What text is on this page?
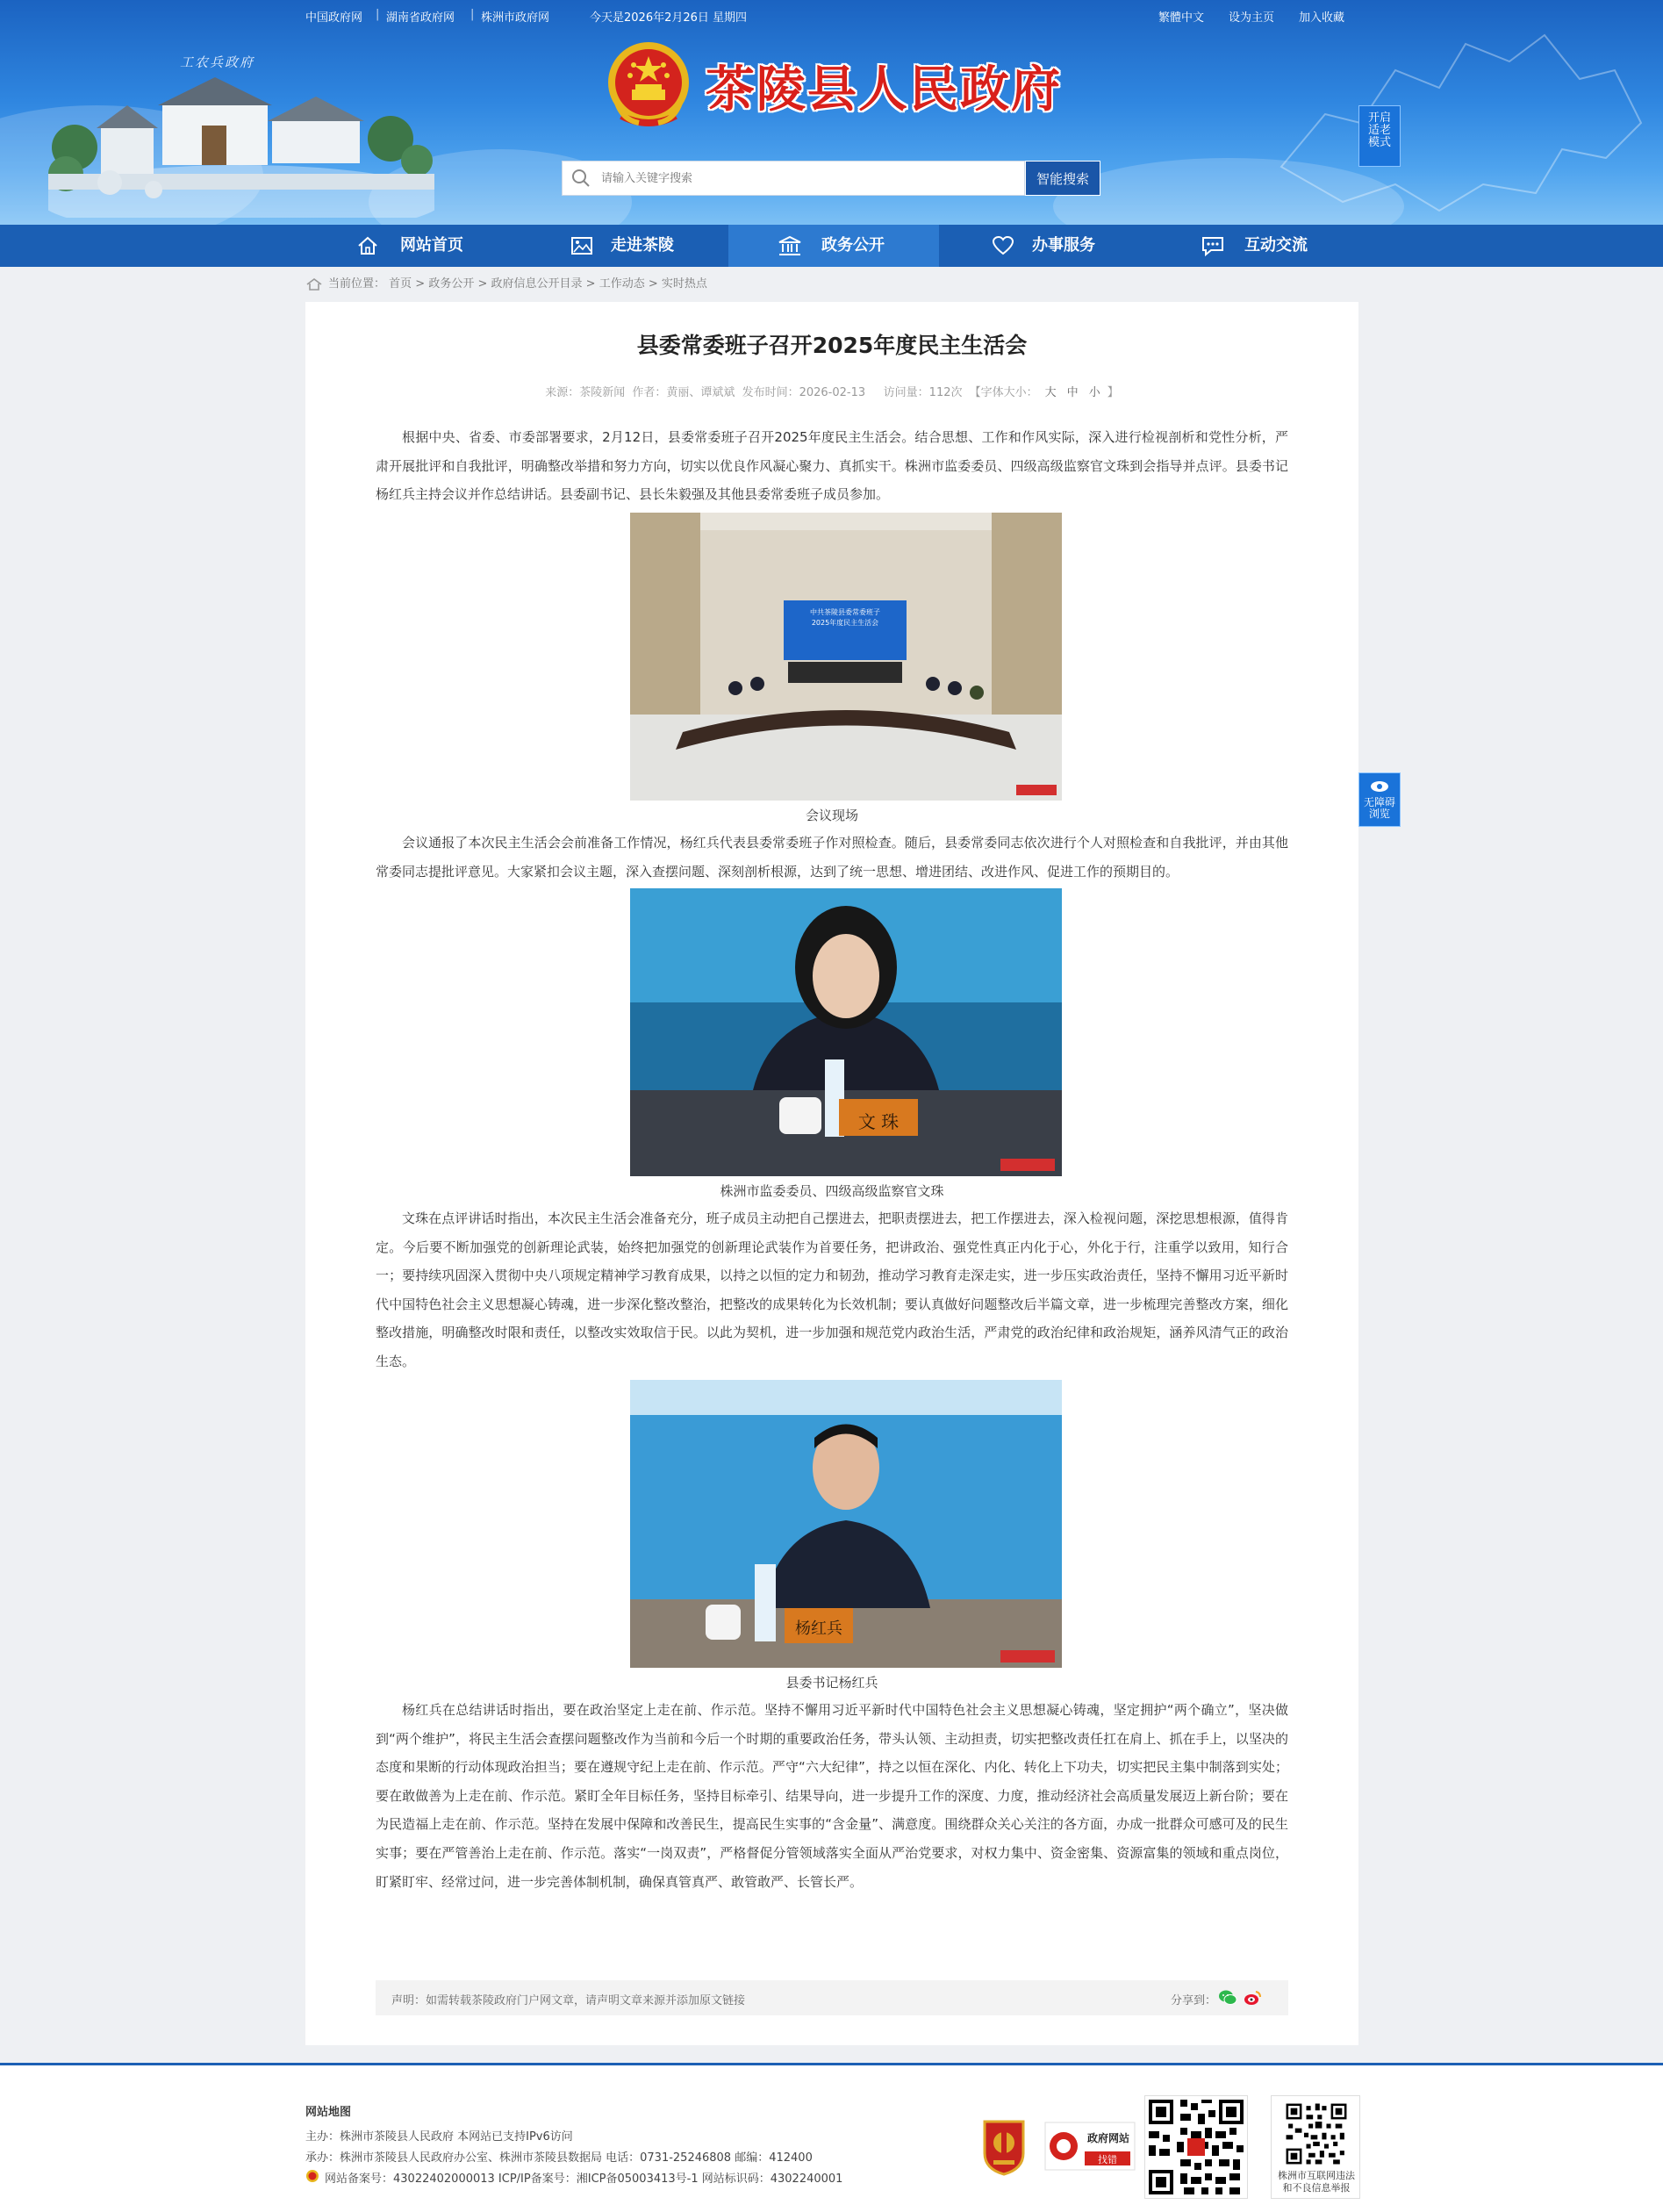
中国政府网 | 湖南省政府网 | 株洲市政府网	今天是2026年2月26日 星期四	繁體中文 设为主页 加入收藏
工农兵政府	茶陵县人民政府
请输入关键字搜索
智能搜索
开启
适老
模式
网站首页	走进茶陵	政务公开	办事服务	互动交流
当前位置： 首页 > 政务公开 > 政府信息公开目录 > 工作动态 > 实时热点
县委常委班子召开2025年度民主生活会
来源：茶陵新闻 作者：黄丽、谭斌斌 发布时间：2026-02-13 访问量：112次 【字体大小： 大 中 小 】

根据中央、省委、市委部署要求，2月12日，县委常委班子召开2025年度民主生活会。结合思想、工作和作风实际，深入进行检视剖析和党性分析，严肃开展批评和自我批评，明确整改举措和努力方向，切实以优良作风凝心聚力、真抓实干。株洲市监委委员、四级高级监察官文珠到会指导并点评。县委书记杨红兵主持会议并作总结讲话。县委副书记、县长朱毅强及其他县委常委班子成员参加。

中共茶陵县委常委班子
2025年度民主生活会
会议现场

会议通报了本次民主生活会会前准备工作情况，杨红兵代表县委常委班子作对照检查。随后，县委常委同志依次进行个人对照检查和自我批评，并由其他常委同志提批评意见。大家紧扣会议主题，深入查摆问题、深刻剖析根源，达到了统一思想、增进团结、改进作风、促进工作的预期目的。

文 珠
株洲市监委委员、四级高级监察官文珠

文珠在点评讲话时指出，本次民主生活会准备充分，班子成员主动把自己摆进去，把职责摆进去，把工作摆进去，深入检视问题，深挖思想根源，值得肯定。今后要不断加强党的创新理论武装，始终把加强党的创新理论武装作为首要任务，把讲政治、强党性真正内化于心，外化于行，注重学以致用，知行合一；要持续巩固深入贯彻中央八项规定精神学习教育成果，以持之以恒的定力和韧劲，推动学习教育走深走实，进一步压实政治责任，坚持不懈用习近平新时代中国特色社会主义思想凝心铸魂，进一步深化整改整治，把整改的成果转化为长效机制；要认真做好问题整改后半篇文章，进一步梳理完善整改方案，细化整改措施，明确整改时限和责任，以整改实效取信于民。以此为契机，进一步加强和规范党内政治生活，严肃党的政治纪律和政治规矩，涵养风清气正的政治生态。

杨红兵
县委书记杨红兵

杨红兵在总结讲话时指出，要在政治坚定上走在前、作示范。坚持不懈用习近平新时代中国特色社会主义思想凝心铸魂，坚定拥护“两个确立”，坚决做到“两个维护”，将民主生活会查摆问题整改作为当前和今后一个时期的重要政治任务，带头认领、主动担责，切实把整改责任扛在肩上、抓在手上，以坚决的态度和果断的行动体现政治担当；要在遵规守纪上走在前、作示范。严守“六大纪律”，持之以恒在深化、内化、转化上下功夫，切实把民主集中制落到实处；要在敢做善为上走在前、作示范。紧盯全年目标任务，坚持目标牵引、结果导向，进一步提升工作的深度、力度，推动经济社会高质量发展迈上新台阶；要在为民造福上走在前、作示范。坚持在发展中保障和改善民生，提高民生实事的“含金量”、满意度。围绕群众关心关注的各方面，办成一批群众可感可及的民生实事；要在严管善治上走在前、作示范。落实“一岗双责”，严格督促分管领域落实全面从严治党要求，对权力集中、资金密集、资源富集的领域和重点岗位，盯紧盯牢、经常过问，进一步完善体制机制，确保真管真严、敢管敢严、长管长严。

声明：如需转载茶陵政府门户网文章，请声明文章来源并添加原文链接	分享到：
无障碍
浏览
网站地图
主办：株洲市茶陵县人民政府 本网站已支持IPv6访问
承办：株洲市茶陵县人民政府办公室、株洲市茶陵县数据局 电话：0731-25246808 邮编：412400
网站备案号：43022402000013 ICP/IP备案号：湘ICP备05003413号-1 网站标识码：4302240001
政府网站
找错
株洲市互联网违法
和不良信息举报
